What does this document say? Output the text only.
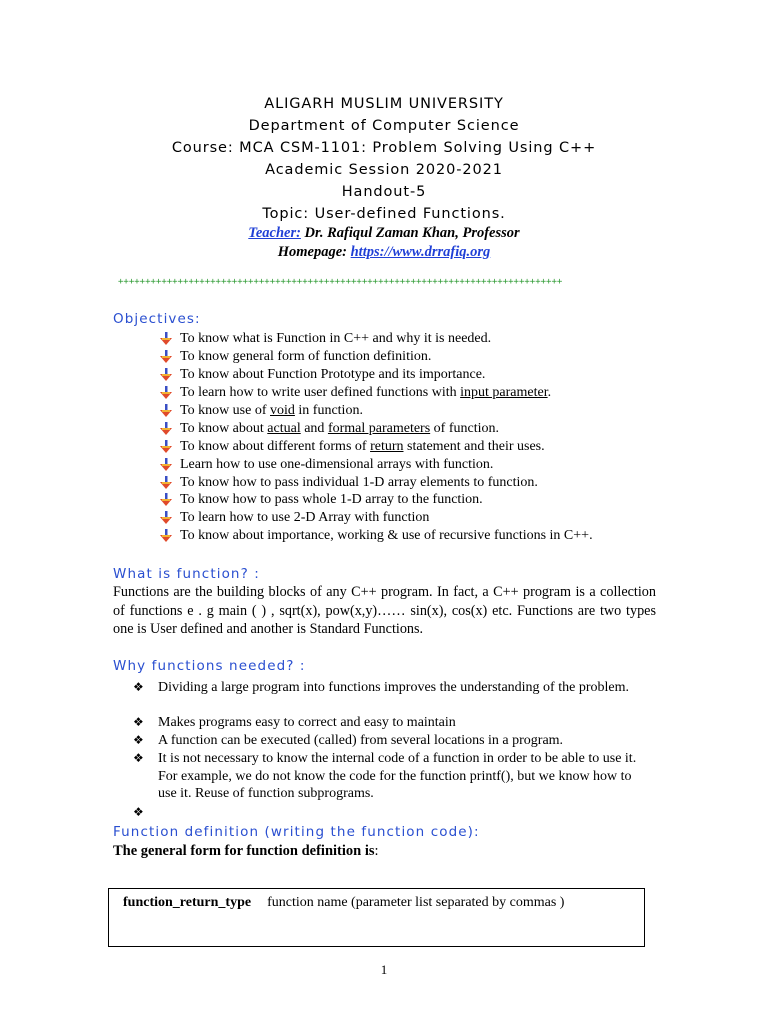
ALIGARH MUSLIM UNIVERSITY
Department of Computer Science
Course: MCA CSM-1101: Problem Solving Using C++
Academic Session 2020-2021
Handout-5
Topic: User-defined Functions.
Teacher: Dr. Rafiqul Zaman Khan, Professor
Homepage: https://www.drrafiq.org
++++++++++++++++++++++++++++++++++++++++++++++++++++++++++++++++++++++++++++++++++
Objectives:
To know what is Function in C++ and why it is needed.
To know general form of function definition.
To know about Function Prototype and its importance.
To learn how to write user defined functions with input parameter.
To know use of void in function.
To know about actual and formal parameters of function.
To know about different forms of return statement and their uses.
Learn how to use one-dimensional arrays with function.
To know how to pass individual 1-D array elements to function.
To know how to pass whole 1-D array to the function.
To learn how to use 2-D Array with function
To know about importance, working & use of recursive functions in C++.
What is function? :
Functions are the building blocks of any C++ program. In fact, a C++ program is a collection of functions e . g main ( ) , sqrt(x), pow(x,y)…… sin(x), cos(x) etc. Functions are two types one is User defined and another is Standard Functions.
Why functions needed? :
❖ Dividing a large program into functions improves the understanding of the problem.
❖ Makes programs easy to correct and easy to maintain
❖ A function can be executed (called) from several locations in a program.
❖ It is not necessary to know the internal code of a function in order to be able to use it. For example, we do not know the code for the function printf(), but we know how to use it. Reuse of function subprograms.
❖
Function definition (writing the function code):
The general form for function definition is:
function_return_type function name (parameter list separated by commas )
1
